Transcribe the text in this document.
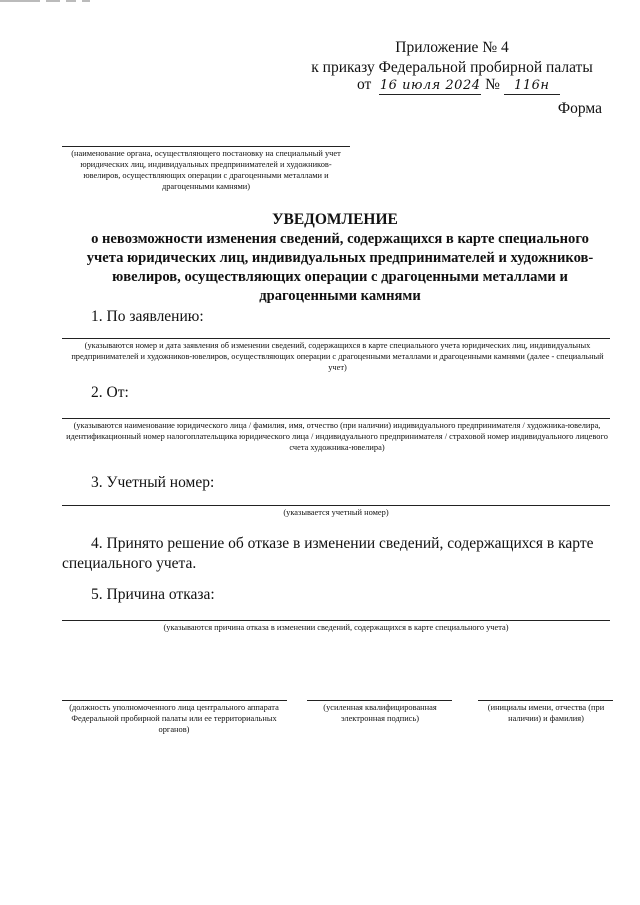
Приложение № 4
к приказу Федеральной пробирной палаты
от 16 июля 2024 № 116н
Форма
(наименование органа, осуществляющего постановку на специальный учет юридических лиц, индивидуальных предпринимателей и художников-ювелиров, осуществляющих операции с драгоценными металлами и драгоценными камнями)
УВЕДОМЛЕНИЕ
о невозможности изменения сведений, содержащихся в карте специального учета юридических лиц, индивидуальных предпринимателей и художников-ювелиров, осуществляющих операции с драгоценными металлами и драгоценными камнями
1. По заявлению:
(указываются номер и дата заявления об изменении сведений, содержащихся в карте специального учета юридических лиц, индивидуальных предпринимателей и художников-ювелиров, осуществляющих операции с драгоценными металлами и драгоценными камнями (далее - специальный учет)
2. От:
(указываются наименование юридического лица / фамилия, имя, отчество (при наличии) индивидуального предпринимателя / художника-ювелира, идентификационный номер налогоплательщика юридического лица / индивидуального предпринимателя / страховой номер индивидуального лицевого счета художника-ювелира)
3. Учетный номер:
(указывается учетный номер)
4. Принято решение об отказе в изменении сведений, содержащихся в карте специального учета.
5. Причина отказа:
(указываются причина отказа в изменении сведений, содержащихся в карте специального учета)
(должность уполномоченного лица центрального аппарата Федеральной пробирной палаты или ее территориальных органов)
(усиленная квалифицированная электронная подпись)
(инициалы имени, отчества (при наличии) и фамилия)
